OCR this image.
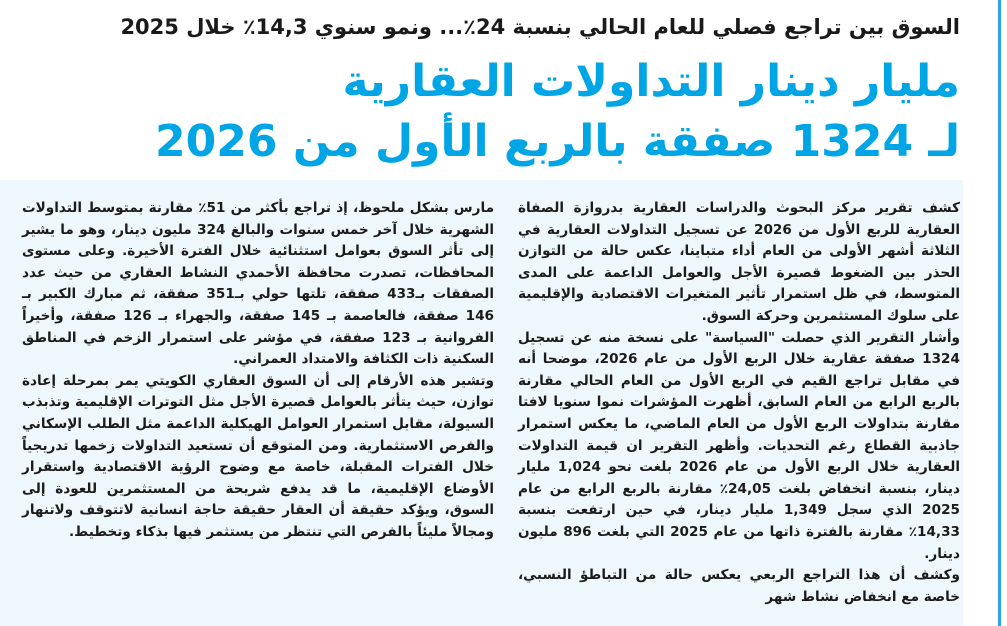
السوق بين تراجع فصلي للعام الحالي بنسبة 24٪... ونمو سنوي 14,3٪ خلال 2025
مليار دينار التداولات العقارية
لـ 1324 صفقة بالربع الأول من 2026

كشف تقرير مركز البحوث والدراسات العقارية بدروازة الصفاة العقارية للربع الأول من 2026 عن تسجيل التداولات العقارية في الثلاثة أشهر الأولى من العام أداء متباينا، عكس حالة من التوازن الحذر بين الضغوط قصيرة الأجل والعوامل الداعمة على المدى المتوسط، في ظل استمرار تأثير المتغيرات الاقتصادية والإقليمية على سلوك المستثمرين وحركة السوق.

وأشار التقرير الذي حصلت "السياسة" على نسخة منه عن تسجيل 1324 صفقة عقارية خلال الربع الأول من عام 2026، موضحا أنه في مقابل تراجع القيم في الربع الأول من العام الحالي مقارنة بالربع الرابع من العام السابق، أظهرت المؤشرات نموا سنويا لافتا مقارنة بتداولات الربع الأول من العام الماضي، ما يعكس استمرار جاذبية القطاع رغم التحديات. وأظهر التقرير ان قيمة التداولات العقارية خلال الربع الأول من عام 2026 بلغت نحو 1,024 مليار دينار، بنسبة انخفاض بلغت 24,05٪ مقارنة بالربع الرابع من عام 2025 الذي سجل 1,349 مليار دينار، في حين ارتفعت بنسبة 14,33٪ مقارنة بالفترة ذاتها من عام 2025 التي بلغت 896 مليون دينار.

وكشف أن هذا التراجع الربعي يعكس حالة من التباطؤ النسبي، خاصة مع انخفاض نشاط شهر

مارس بشكل ملحوظ، إذ تراجع بأكثر من 51٪ مقارنة بمتوسط التداولات الشهرية خلال آخر خمس سنوات والبالغ 324 مليون دينار، وهو ما يشير إلى تأثر السوق بعوامل استثنائية خلال الفترة الأخيرة. وعلى مستوى المحافظات، تصدرت محافظة الأحمدي النشاط العقاري من حيث عدد الصفقات بـ433 صفقة، تلتها حولي بـ351 صفقة، ثم مبارك الكبير بـ 146 صفقة، فالعاصمة بـ 145 صفقة، والجهراء بـ 126 صفقة، وأخيراً الفروانية بـ 123 صفقة، في مؤشر على استمرار الزخم في المناطق السكنية ذات الكثافة والامتداد العمراني.

وتشير هذه الأرقام إلى أن السوق العقاري الكويتي يمر بمرحلة إعادة توازن، حيث يتأثر بالعوامل قصيرة الأجل مثل التوترات الإقليمية وتذبذب السيولة، مقابل استمرار العوامل الهيكلية الداعمة مثل الطلب الإسكاني والفرص الاستثمارية. ومن المتوقع أن تستعيد التداولات زخمها تدريجياً خلال الفترات المقبلة، خاصة مع وضوح الرؤية الاقتصادية واستقرار الأوضاع الإقليمية، ما قد يدفع شريحة من المستثمرين للعودة إلى السوق، ويؤكد حقيقة أن العقار حقيقة حاجة انسانية لاتتوقف ولاتنهار ومجالاً مليئاً بالفرص التي تنتظر من يستثمر فيها بذكاء وتخطيط.
